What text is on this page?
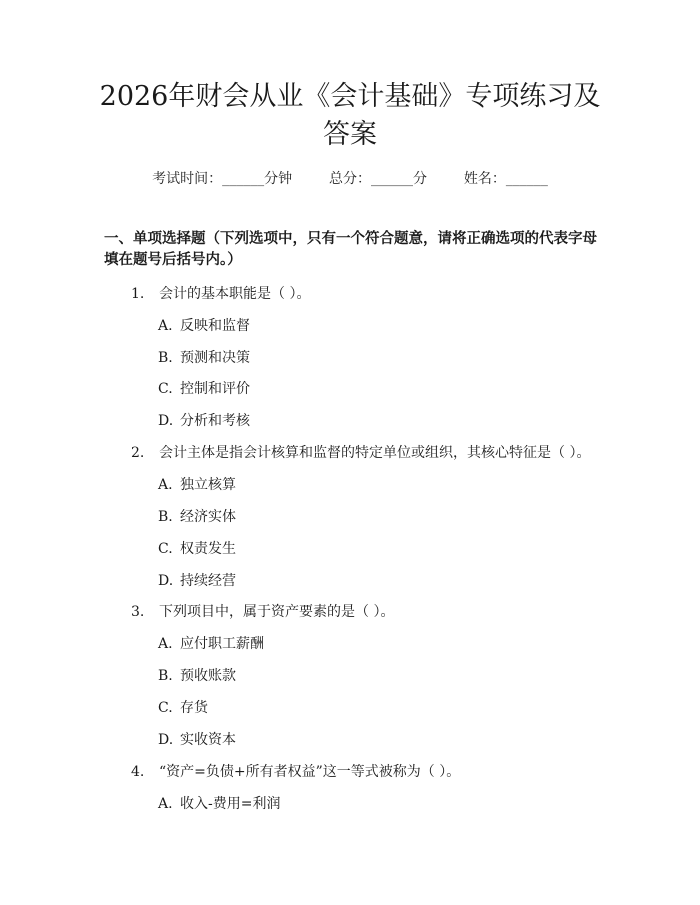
2026年财会从业《会计基础》专项练习及答案
考试时间：______分钟	总分：______分	姓名：______

一、单项选择题（下列选项中，只有一个符合题意，请将正确选项的代表字母填在题号后括号内。）

1. 会计的基本职能是（ ）。
A. 反映和监督
B. 预测和决策
C. 控制和评价
D. 分析和考核
2. 会计主体是指会计核算和监督的特定单位或组织，其核心特征是（ ）。
A. 独立核算
B. 经济实体
C. 权责发生
D. 持续经营
3. 下列项目中，属于资产要素的是（ ）。
A. 应付职工薪酬
B. 预收账款
C. 存货
D. 实收资本
4. “资产=负债+所有者权益”这一等式被称为（ ）。
A. 收入-费用=利润
